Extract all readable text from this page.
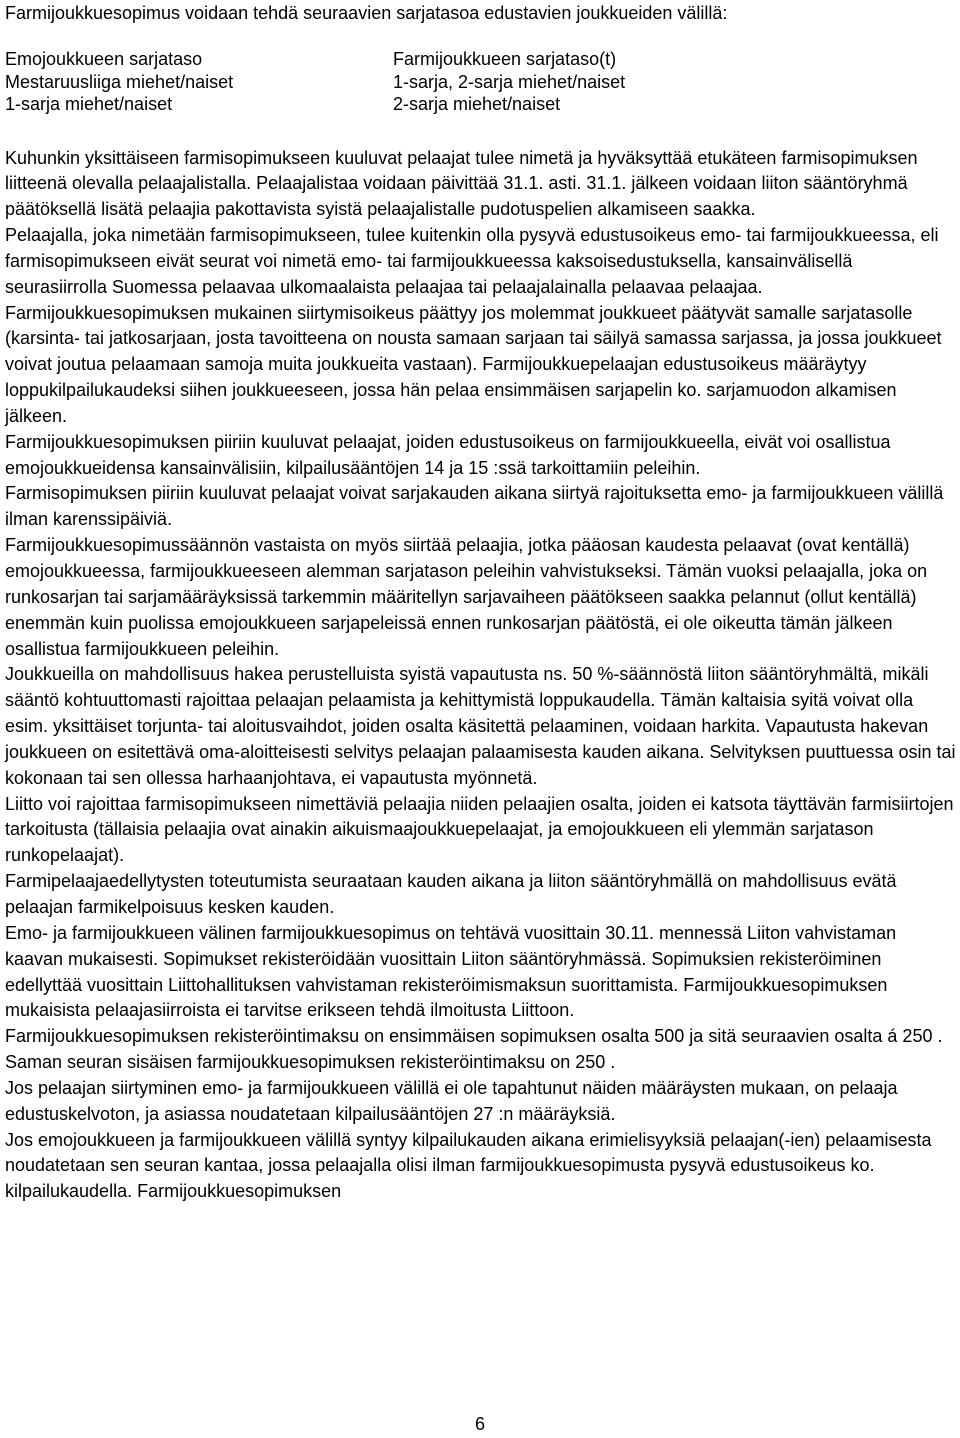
Farmijoukkuesopimus voidaan tehdä seuraavien sarjatasoa edustavien joukkueiden välillä:
Emojoukkueen sarjataso
Mestaruusliiga miehet/naiset
1-sarja miehet/naiset
Farmijoukkueen sarjataso(t)
1-sarja, 2-sarja miehet/naiset
2-sarja miehet/naiset

Kuhunkin yksittäiseen farmisopimukseen kuuluvat pelaajat tulee nimetä ja hyväksyttää etukäteen farmisopimuksen liitteenä olevalla pelaajalistalla. Pelaajalistaa voidaan päivittää 31.1. asti. 31.1. jälkeen voidaan liiton sääntöryhmä päätöksellä lisätä pelaajia pakottavista syistä pelaajalistalle pudotuspelien alkamiseen saakka.

Pelaajalla, joka nimetään farmisopimukseen, tulee kuitenkin olla pysyvä edustusoikeus emo- tai farmijoukkueessa, eli farmisopimukseen eivät seurat voi nimetä emo- tai farmijoukkueessa kaksoisedustuksella, kansainvälisellä seurasiirrolla Suomessa pelaavaa ulkomaalaista pelaajaa tai pelaajalainalla pelaavaa pelaajaa.

Farmijoukkuesopimuksen mukainen siirtymisoikeus päättyy jos molemmat joukkueet päätyvät samalle sarjatasolle (karsinta- tai jatkosarjaan, josta tavoitteena on nousta samaan sarjaan tai säilyä samassa sarjassa, ja jossa joukkueet voivat joutua pelaamaan samoja muita joukkueita vastaan). Farmijoukkuepelaajan edustusoikeus määräytyy loppukilpailukaudeksi siihen joukkueeseen, jossa hän pelaa ensimmäisen sarjapelin ko. sarjamuodon alkamisen jälkeen.

Farmijoukkuesopimuksen piiriin kuuluvat pelaajat, joiden edustusoikeus on farmijoukkueella, eivät voi osallistua emojoukkueidensa kansainvälisiin, kilpailusääntöjen 14 ja 15 :ssä tarkoittamiin peleihin.

Farmisopimuksen piiriin kuuluvat pelaajat voivat sarjakauden aikana siirtyä rajoituksetta emo- ja farmijoukkueen välillä ilman karenssipäiviä.

Farmijoukkuesopimussäännön vastaista on myös siirtää pelaajia, jotka pääosan kaudesta pelaavat (ovat kentällä) emojoukkueessa, farmijoukkueeseen alemman sarjatason peleihin vahvistukseksi. Tämän vuoksi pelaajalla, joka on runkosarjan tai sarjamääräyksissä tarkemmin määritellyn sarjavaiheen päätökseen saakka pelannut (ollut kentällä) enemmän kuin puolissa emojoukkueen sarjapeleissä ennen runkosarjan päätöstä, ei ole oikeutta tämän jälkeen osallistua farmijoukkueen peleihin.

Joukkueilla on mahdollisuus hakea perustelluista syistä vapautusta ns. 50 %-säännöstä liiton sääntöryhmältä, mikäli sääntö kohtuuttomasti rajoittaa pelaajan pelaamista ja kehittymistä loppukaudella. Tämän kaltaisia syitä voivat olla esim. yksittäiset torjunta- tai aloitusvaihdot, joiden osalta käsitettä pelaaminen, voidaan harkita. Vapautusta hakevan joukkueen on esitettävä oma-aloitteisesti selvitys pelaajan palaamisesta kauden aikana. Selvityksen puuttuessa osin tai kokonaan tai sen ollessa harhaanjohtava, ei vapautusta myönnetä.

Liitto voi rajoittaa farmisopimukseen nimettäviä pelaajia niiden pelaajien osalta, joiden ei katsota täyttävän farmisiirtojen tarkoitusta (tällaisia pelaajia ovat ainakin aikuismaajoukkuepelaajat, ja emojoukkueen eli ylemmän sarjatason runkopelaajat).

Farmipelaajaedellytysten toteutumista seuraataan kauden aikana ja liiton sääntöryhmällä on mahdollisuus evätä pelaajan farmikelpoisuus kesken kauden.

Emo- ja farmijoukkueen välinen farmijoukkuesopimus on tehtävä vuosittain 30.11. mennessä Liiton vahvistaman kaavan mukaisesti. Sopimukset rekisteröidään vuosittain Liiton sääntöryhmässä. Sopimuksien rekisteröiminen edellyttää vuosittain Liittohallituksen vahvistaman rekisteröimismaksun suorittamista. Farmijoukkuesopimuksen mukaisista pelaajasiirroista ei tarvitse erikseen tehdä ilmoitusta Liittoon.

Farmijoukkuesopimuksen rekisteröintimaksu on ensimmäisen sopimuksen osalta 500 ja sitä seuraavien osalta á 250 . Saman seuran sisäisen farmijoukkuesopimuksen rekisteröintimaksu on 250 .

Jos pelaajan siirtyminen emo- ja farmijoukkueen välillä ei ole tapahtunut näiden määräysten mukaan, on pelaaja edustuskelvoton, ja asiassa noudatetaan kilpailusääntöjen 27 :n määräyksiä.

Jos emojoukkueen ja farmijoukkueen välillä syntyy kilpailukauden aikana erimielisyyksiä pelaajan(-ien) pelaamisesta noudatetaan sen seuran kantaa, jossa pelaajalla olisi ilman farmijoukkuesopimusta pysyvä edustusoikeus ko. kilpailukaudella. Farmijoukkuesopimuksen

6
